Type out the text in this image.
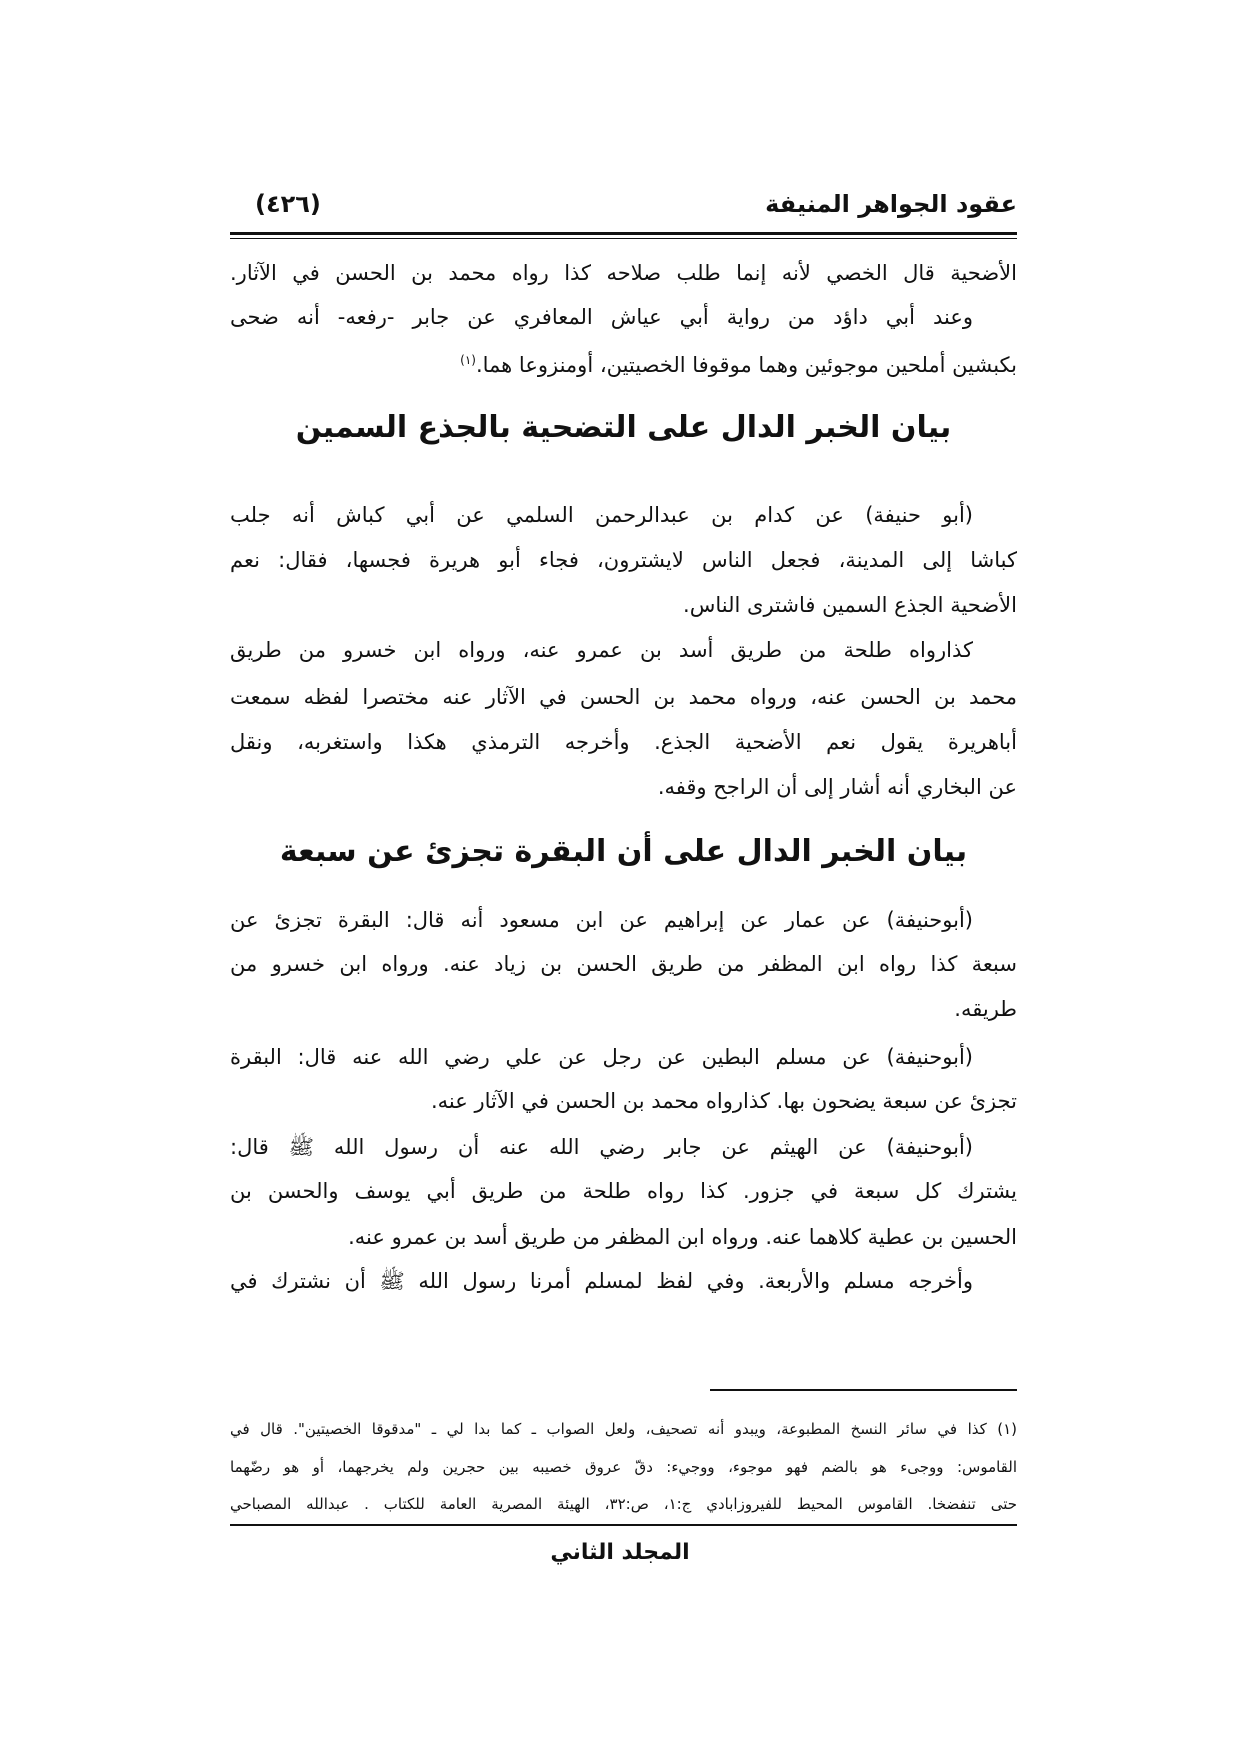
عقود الجواهر المنيفة
(٤٢٦)
الأضحية قال الخصي لأنه إنما طلب صلاحه كذا رواه محمد بن الحسن في الآثار.
وعند أبي داؤد من رواية أبي عياش المعافري عن جابر -رفعه- أنه ضحى
بكبشين أملحين موجوئين وهما موقوفا الخصيتين، أومنزوعا هما.$^{(١)}$
بيان الخبر الدال على التضحية بالجذع السمين
(أبو حنيفة) عن كدام بن عبدالرحمن السلمي عن أبي كباش أنه جلب
كباشا إلى المدينة، فجعل الناس لايشترون، فجاء أبو هريرة فجسها، فقال: نعم
الأضحية الجذع السمين فاشترى الناس.
كذارواه طلحة من طريق أسد بن عمرو عنه، ورواه ابن خسرو من طريق
محمد بن الحسن عنه، ورواه محمد بن الحسن في الآثار عنه مختصرا لفظه سمعت
أباهريرة يقول نعم الأضحية الجذع. وأخرجه الترمذي هكذا واستغربه، ونقل
عن البخاري أنه أشار إلى أن الراجح وقفه.
بيان الخبر الدال على أن البقرة تجزئ عن سبعة
(أبوحنيفة) عن عمار عن إبراهيم عن ابن مسعود أنه قال: البقرة تجزئ عن
سبعة كذا رواه ابن المظفر من طريق الحسن بن زياد عنه. ورواه ابن خسرو من
طريقه.
(أبوحنيفة) عن مسلم البطين عن رجل عن علي رضي الله عنه قال: البقرة
تجزئ عن سبعة يضحون بها. كذارواه محمد بن الحسن في الآثار عنه.
(أبوحنيفة) عن الهيثم عن جابر رضي الله عنه أن رسول الله ﷺ قال:
يشترك كل سبعة في جزور. كذا رواه طلحة من طريق أبي يوسف والحسن بن
الحسين بن عطية كلاهما عنه. ورواه ابن المظفر من طريق أسد بن عمرو عنه.
وأخرجه مسلم والأربعة. وفي لفظ لمسلم أمرنا رسول الله ﷺ أن نشترك في
(١) كذا في سائر النسخ المطبوعة، ويبدو أنه تصحيف، ولعل الصواب ـ كما بدا لي ـ "مدقوقا الخصيتين". قال في
القاموس: ووجىء هو بالضم فهو موجوء، ووجيء: دقّ عروق خصيبه بين حجرين ولم يخرجهما، أو هو رضّهما
حتى تنفضخا. القاموس المحيط للفيروزابادي ج:١، ص:٣٢، الهيئة المصرية العامة للكتاب . عبدالله المصباحي
المجلد الثاني
